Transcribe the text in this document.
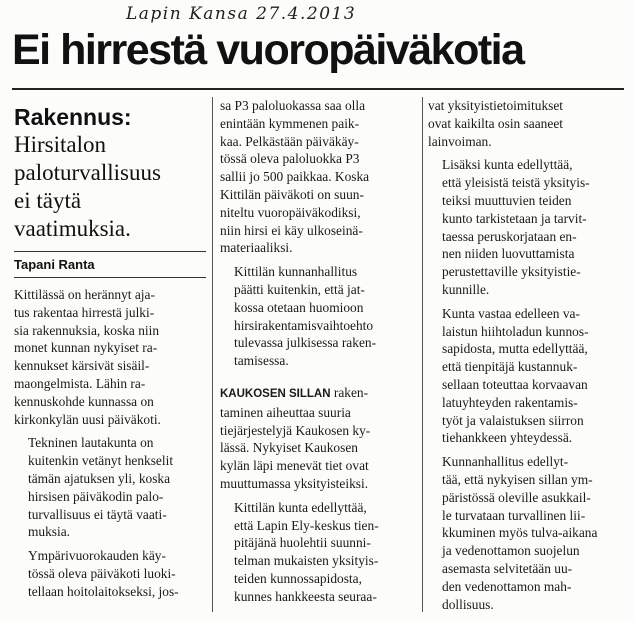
Lapin Kansa 27.4.2013
Ei hirrestä vuoropäiväkotia
Rakennus:
Hirsitalon
paloturvallisuus
ei täytä
vaatimuksia.
Tapani Ranta
Kittilässä on herännyt aja-
tus rakentaa hirrestä julki-
sia rakennuksia, koska niin
monet kunnan nykyiset ra-
kennukset kärsivät sisäil-
maongelmista. Lähin ra-
kennuskohde kunnassa on
kirkonkylän uusi päiväkoti.
Tekninen lautakunta on
kuitenkin vetänyt henkselit
tämän ajatuksen yli, koska
hirsisen päiväkodin palo-
turvallisuus ei täytä vaati-
muksia.
Ympärivuorokauden käy-
tössä oleva päiväkoti luoki-
tellaan hoitolaitokseksi, jos-
sa P3 paloluokassa saa olla
enintään kymmenen paik-
kaa. Pelkästään päiväkäy-
tössä oleva paloluokka P3
sallii jo 500 paikkaa. Koska
Kittilän päiväkoti on suun-
niteltu vuoropäiväkodiksi,
niin hirsi ei käy ulkoseinä-
materiaaliksi.
Kittilän kunnanhallitus
päätti kuitenkin, että jat-
kossa otetaan huomioon
hirsirakentamisvaihtoehto
tulevassa julkisessa raken-
tamisessa.
KAUKOSEN SILLAN raken-
taminen aiheuttaa suuria
tiejärjestelyjä Kaukosen ky-
lässä. Nykyiset Kaukosen
kylän läpi menevät tiet ovat
muuttumassa yksityisteiksi.
Kittilän kunta edellyttää,
että Lapin Ely-keskus tien-
pitäjänä huolehtii suunni-
telman mukaisten yksityis-
teiden kunnossapidosta,
kunnes hankkeesta seuraa-
vat yksityistietoimitukset
ovat kaikilta osin saaneet
lainvoiman.
Lisäksi kunta edellyttää,
että yleisistä teistä yksityis-
teiksi muuttuvien teiden
kunto tarkistetaan ja tarvit-
taessa peruskorjataan en-
nen niiden luovuttamista
perustettaville yksityistie-
kunnille.
Kunta vastaa edelleen va-
laistun hiihtoladun kunnos-
sapidosta, mutta edellyttää,
että tienpitäjä kustannuk-
sellaan toteuttaa korvaavan
latuyhteyden rakentamis-
työt ja valaistuksen siirron
tiehankkeen yhteydessä.
Kunnanhallitus edellyt-
tää, että nykyisen sillan ym-
päristössä oleville asukkail-
le turvataan turvallinen lii-
kkuminen myös tulva-aikana
ja vedenottamon suojelun
asemasta selvitetään uu-
den vedenottamon mah-
dollisuus.
